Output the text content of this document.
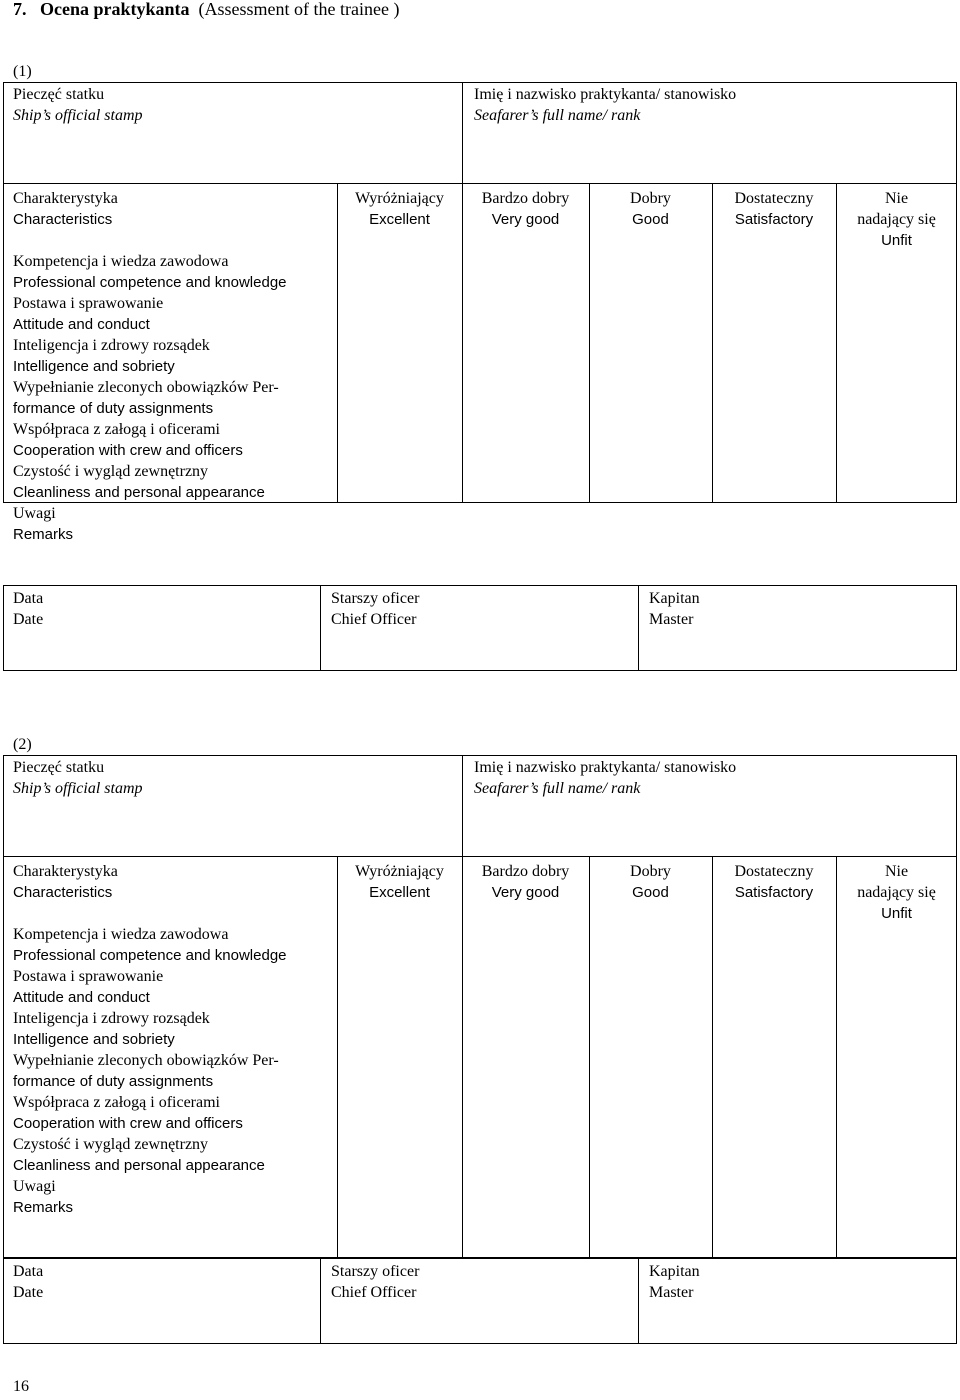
7. Ocena praktykanta (Assessment of the trainee )
(1)
Pieczęć statku
Ship’s official stamp
Imię i nazwisko praktykanta/ stanowisko
Seafarer’s full name/ rank
Charakterystyka
Characteristics
Wyróżniający
Excellent
Bardzo dobry
Very good
Dobry
Good
Dostateczny
Satisfactory
Nie
nadający się
Unfit
Kompetencja i wiedza zawodowa
Professional competence and knowledge
Postawa i sprawowanie
Attitude and conduct
Inteligencja i zdrowy rozsądek
Intelligence and sobriety
Wypełnianie zleconych obowiązków Per-
formance of duty assignments
Współpraca z załogą i oficerami
Cooperation with crew and officers
Czystość i wygląd zewnętrzny
Cleanliness and personal appearance
Uwagi
Remarks
Data
Date
Starszy oficer
Chief Officer
Kapitan
Master
(2)
Pieczęć statku
Ship’s official stamp
Imię i nazwisko praktykanta/ stanowisko
Seafarer’s full name/ rank
Charakterystyka
Characteristics
Wyróżniający
Excellent
Bardzo dobry
Very good
Dobry
Good
Dostateczny
Satisfactory
Nie
nadający się
Unfit
Kompetencja i wiedza zawodowa
Professional competence and knowledge
Postawa i sprawowanie
Attitude and conduct
Inteligencja i zdrowy rozsądek
Intelligence and sobriety
Wypełnianie zleconych obowiązków Per-
formance of duty assignments
Współpraca z załogą i oficerami
Cooperation with crew and officers
Czystość i wygląd zewnętrzny
Cleanliness and personal appearance
Uwagi
Remarks
Data
Date
Starszy oficer
Chief Officer
Kapitan
Master
16
